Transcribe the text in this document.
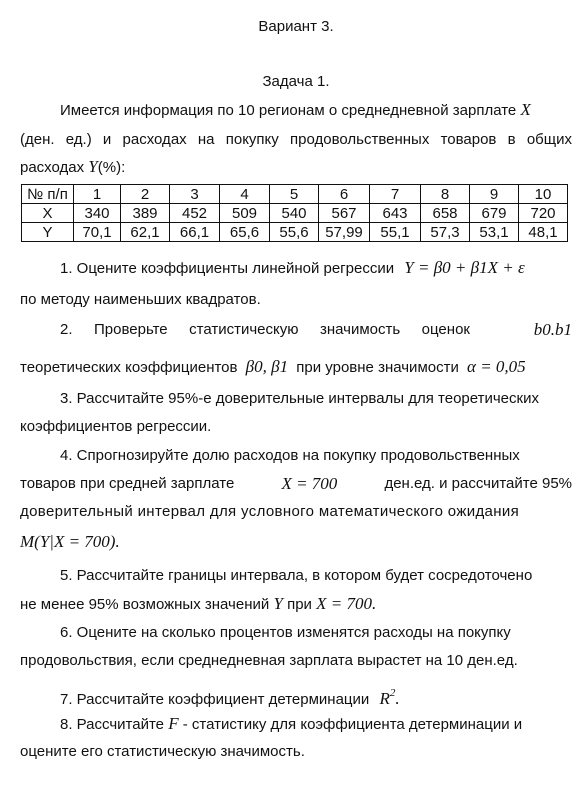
Вариант 3.
Задача 1.
Имеется информация по 10 регионам о среднедневной зарплате X
(ден. ед.) и расходах на покупку продовольственных товаров в общих
расходах Y(%):
№ п/п	1	2	3	4	5	6	7	8	9	10
X	340	389	452	509	540	567	643	658	679	720
Y	70,1	62,1	66,1	65,6	55,6	57,99	55,1	57,3	53,1	48,1
1. Оцените коэффициенты линейной регрессии Y = β0 + β1X + ε
по методу наименьших квадратов.
2. Проверьте статистическую значимость оценок	b0.b1
теоретических коэффициентов β0, β1 при уровне значимости α = 0,05
3. Рассчитайте 95%-е доверительные интервалы для теоретических
коэффициентов регрессии.
4. Спрогнозируйте долю расходов на покупку продовольственных
товаров при средней зарплате	X = 700	ден.ед. и рассчитайте 95%
доверительный интервал для условного математического ожидания
M(Y|X = 700).
5. Рассчитайте границы интервала, в котором будет сосредоточено
не менее 95% возможных значений Y при X = 700.
6. Оцените на сколько процентов изменятся расходы на покупку
продовольствия, если среднедневная зарплата вырастет на 10 ден.ед.
7. Рассчитайте коэффициент детерминации $R^2$.
8. Рассчитайте F - статистику для коэффициента детерминации и
оцените его статистическую значимость.
